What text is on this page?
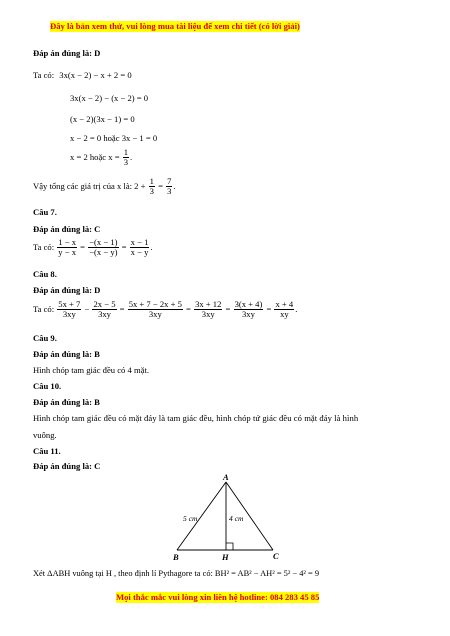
Đây là bản xem thử, vui lòng mua tài liệu để xem chi tiết (có lời giải)
Đáp án đúng là: D
Ta có: 3x(x − 2) − x + 2 = 0
3x(x − 2) − (x − 2) = 0
(x − 2)(3x − 1) = 0
x − 2 = 0 hoặc 3x − 1 = 0
x = 2 hoặc $x = \frac{1}{3}$ .
Vậy tổng các giá trị của x là: $2 + \frac{1}{3} = \frac{7}{3}$ .
Câu 7.
Đáp án đúng là: C
Ta có: $\frac{1 - x}{y - x} = \frac{-(x - 1)}{-(x - y)} = \frac{x - 1}{x - y}$ .
Câu 8.
Đáp án đúng là: D
Ta có: $\frac{5x + 7}{3xy} - \frac{2x - 5}{3xy} = \frac{5x + 7 - 2x + 5}{3xy} = \frac{3x + 12}{3xy} = \frac{3(x + 4)}{3xy} = \frac{x + 4}{xy}$ .
Câu 9.
Đáp án đúng là: B
Hình chóp tam giác đều có 4 mặt.
Câu 10.
Đáp án đúng là: B
Hình chóp tam giác đều có mặt đáy là tam giác đều, hình chóp tứ giác đều có mặt đáy là hình
vuông.
Câu 11.
Đáp án đúng là: C
A
B	C
H
5 cm	4 cm
Xét ΔABH vuông tại H , theo định lí Pythagore ta có: BH² = AB² − AH² = 5² − 4² = 9
Mọi thắc mắc vui lòng xin liên hệ hotline: 084 283 45 85
